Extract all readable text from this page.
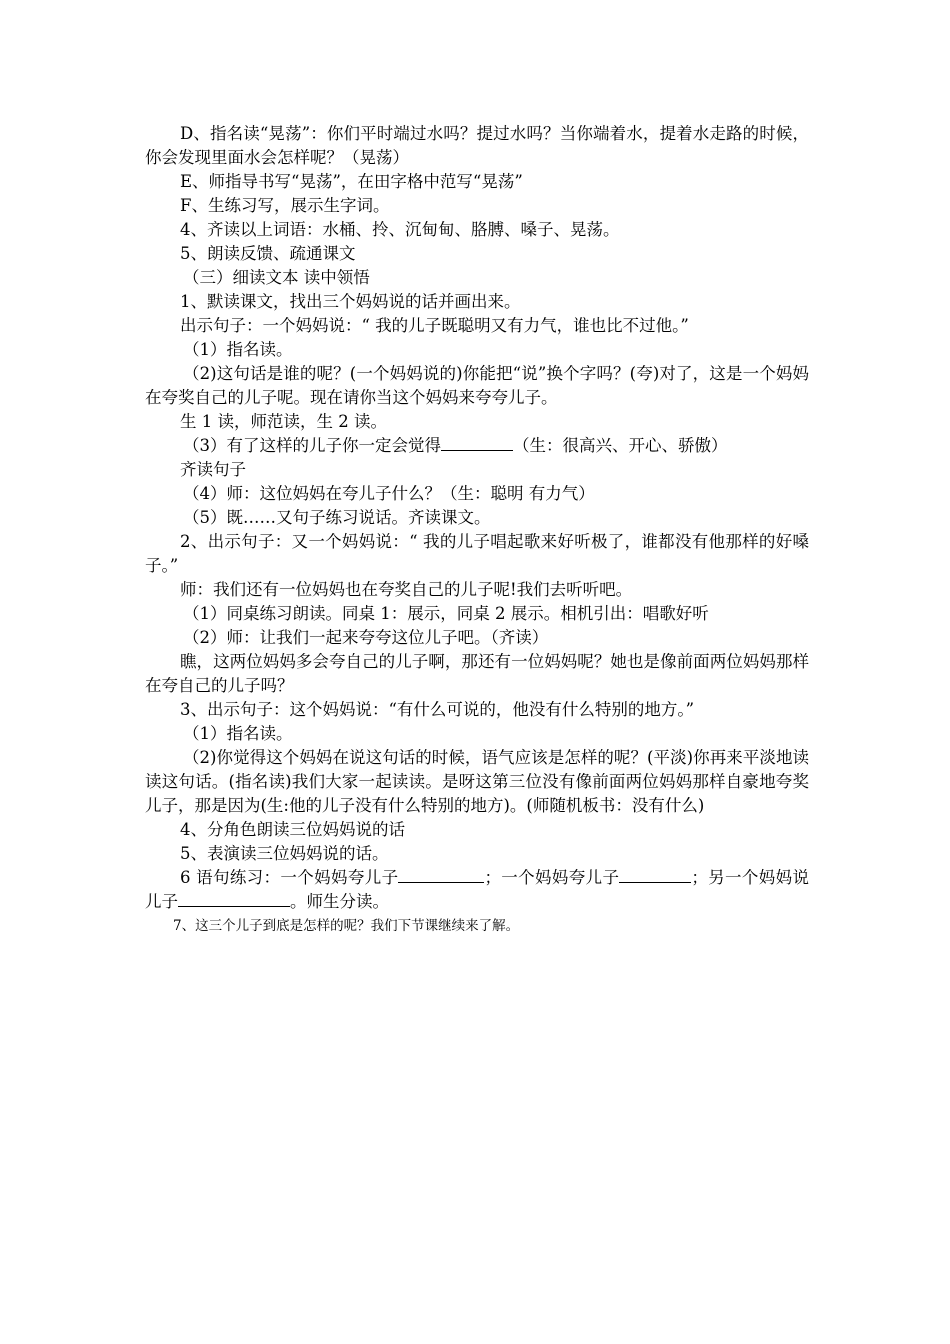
D、指名读“晃荡”：你们平时端过水吗？提过水吗？当你端着水，提着水走路的时候，你会发现里面水会怎样呢？（晃荡）

E、师指导书写“晃荡”，在田字格中范写“晃荡”

F、生练习写，展示生字词。

4、齐读以上词语：水桶、拎、沉甸甸、胳膊、嗓子、晃荡。

5、朗读反馈、疏通课文

（三）细读文本 读中领悟

1、默读课文，找出三个妈妈说的话并画出来。

出示句子：一个妈妈说：“ 我的儿子既聪明又有力气，谁也比不过他。”

（1）指名读。

（2)这句话是谁的呢？(一个妈妈说的)你能把“说”换个字吗？(夸)对了，这是一个妈妈在夸奖自己的儿子呢。现在请你当这个妈妈来夸夸儿子。

生 1 读，师范读，生 2 读。

（3）有了这样的儿子你一定会觉得	（生：很高兴、开心、骄傲）

齐读句子

（4）师：这位妈妈在夸儿子什么？（生：聪明 有力气）

（5）既……又句子练习说话。齐读课文。

2、出示句子：又一个妈妈说：“ 我的儿子唱起歌来好听极了，谁都没有他那样的好嗓子。”

师：我们还有一位妈妈也在夸奖自己的儿子呢!我们去听听吧。

（1）同桌练习朗读。同桌 1：展示，同桌 2 展示。相机引出：唱歌好听

（2）师：让我们一起来夸夸这位儿子吧。（齐读）

瞧，这两位妈妈多会夸自己的儿子啊，那还有一位妈妈呢？她也是像前面两位妈妈那样在夸自己的儿子吗？

3、出示句子：这个妈妈说：“有什么可说的，他没有什么特别的地方。”

（1）指名读。

（2)你觉得这个妈妈在说这句话的时候，语气应该是怎样的呢？(平淡)你再来平淡地读读这句话。(指名读)我们大家一起读读。是呀这第三位没有像前面两位妈妈那样自豪地夸奖儿子，那是因为(生:他的儿子没有什么特别的地方)。(师随机板书：没有什么)

4、分角色朗读三位妈妈说的话

5、表演读三位妈妈说的话。

6 语句练习：一个妈妈夸儿子	；一个妈妈夸儿子	；另一个妈妈说儿子	。师生分读。

7、这三个儿子到底是怎样的呢？我们下节课继续来了解。
